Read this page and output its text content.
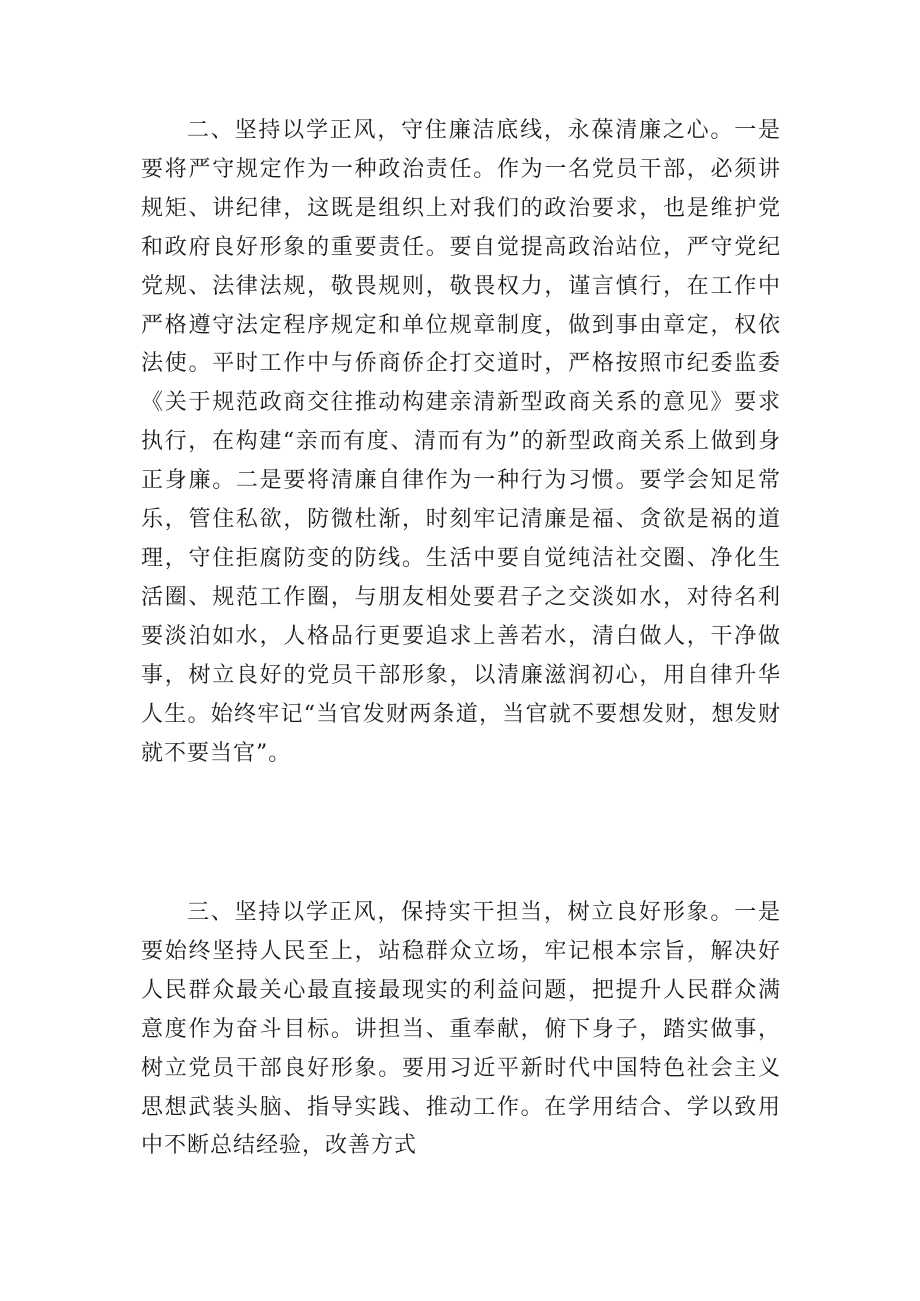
二、坚持以学正风，守住廉洁底线，永葆清廉之心。一是要将严守规定作为一种政治责任。作为一名党员干部，必须讲规矩、讲纪律，这既是组织上对我们的政治要求，也是维护党和政府良好形象的重要责任。要自觉提高政治站位，严守党纪党规、法律法规，敬畏规则，敬畏权力，谨言慎行，在工作中严格遵守法定程序规定和单位规章制度，做到事由章定，权依法使。平时工作中与侨商侨企打交道时，严格按照市纪委监委《关于规范政商交往推动构建亲清新型政商关系的意见》要求执行，在构建“亲而有度、清而有为”的新型政商关系上做到身正身廉。二是要将清廉自律作为一种行为习惯。要学会知足常乐，管住私欲，防微杜渐，时刻牢记清廉是福、贪欲是祸的道理，守住拒腐防变的防线。生活中要自觉纯洁社交圈、净化生活圈、规范工作圈，与朋友相处要君子之交淡如水，对待名利要淡泊如水，人格品行更要追求上善若水，清白做人，干净做事，树立良好的党员干部形象，以清廉滋润初心，用自律升华人生。始终牢记“当官发财两条道，当官就不要想发财，想发财就不要当官”。

三、坚持以学正风，保持实干担当，树立良好形象。一是要始终坚持人民至上，站稳群众立场，牢记根本宗旨，解决好人民群众最关心最直接最现实的利益问题，把提升人民群众满意度作为奋斗目标。讲担当、重奉献，俯下身子，踏实做事，树立党员干部良好形象。要用习近平新时代中国特色社会主义思想武装头脑、指导实践、推动工作。在学用结合、学以致用中不断总结经验，改善方式
